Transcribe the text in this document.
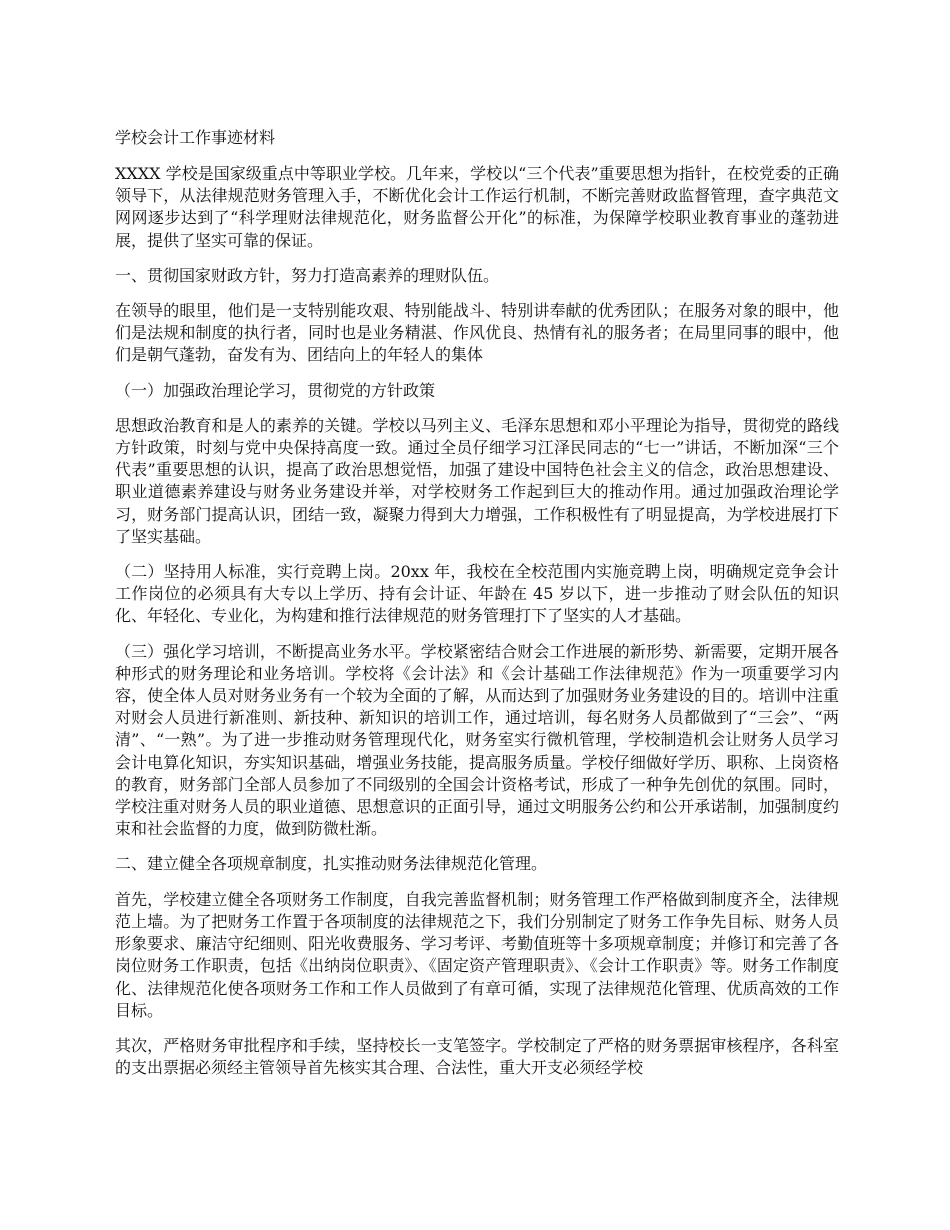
学校会计工作事迹材料

XXXX 学校是国家级重点中等职业学校。几年来，学校以“三个代表”重要思想为指针，在校党委的正确领导下，从法律规范财务管理入手，不断优化会计工作运行机制，不断完善财政监督管理，查字典范文网网逐步达到了“科学理财法律规范化，财务监督公开化”的标准，为保障学校职业教育事业的蓬勃进展，提供了坚实可靠的保证。

一、贯彻国家财政方针，努力打造高素养的理财队伍。

在领导的眼里，他们是一支特别能攻艰、特别能战斗、特别讲奉献的优秀团队；在服务对象的眼中，他们是法规和制度的执行者，同时也是业务精湛、作风优良、热情有礼的服务者；在局里同事的眼中，他们是朝气蓬勃，奋发有为、团结向上的年轻人的集体

（一）加强政治理论学习，贯彻党的方针政策

思想政治教育和是人的素养的关键。学校以马列主义、毛泽东思想和邓小平理论为指导，贯彻党的路线方针政策，时刻与党中央保持高度一致。通过全员仔细学习江泽民同志的“七一”讲话，不断加深“三个代表”重要思想的认识，提高了政治思想觉悟，加强了建设中国特色社会主义的信念，政治思想建设、职业道德素养建设与财务业务建设并举，对学校财务工作起到巨大的推动作用。通过加强政治理论学习，财务部门提高认识，团结一致，凝聚力得到大力增强，工作积极性有了明显提高，为学校进展打下了坚实基础。

（二）坚持用人标准，实行竞聘上岗。20xx 年，我校在全校范围内实施竞聘上岗，明确规定竞争会计工作岗位的必须具有大专以上学历、持有会计证、年龄在 45 岁以下，进一步推动了财会队伍的知识化、年轻化、专业化，为构建和推行法律规范的财务管理打下了坚实的人才基础。

（三）强化学习培训，不断提高业务水平。学校紧密结合财会工作进展的新形势、新需要，定期开展各种形式的财务理论和业务培训。学校将《会计法》和《会计基础工作法律规范》作为一项重要学习内容，使全体人员对财务业务有一个较为全面的了解，从而达到了加强财务业务建设的目的。培训中注重对财会人员进行新准则、新技种、新知识的培训工作，通过培训，每名财务人员都做到了“三会”、“两清”、“一熟”。为了进一步推动财务管理现代化，财务室实行微机管理，学校制造机会让财务人员学习会计电算化知识，夯实知识基础，增强业务技能，提高服务质量。学校仔细做好学历、职称、上岗资格的教育，财务部门全部人员参加了不同级别的全国会计资格考试，形成了一种争先创优的氛围。同时，学校注重对财务人员的职业道德、思想意识的正面引导，通过文明服务公约和公开承诺制，加强制度约束和社会监督的力度，做到防微杜渐。

二、建立健全各项规章制度，扎实推动财务法律规范化管理。

首先，学校建立健全各项财务工作制度，自我完善监督机制；财务管理工作严格做到制度齐全，法律规范上墙。为了把财务工作置于各项制度的法律规范之下，我们分别制定了财务工作争先目标、财务人员形象要求、廉洁守纪细则、阳光收费服务、学习考评、考勤值班等十多项规章制度；并修订和完善了各岗位财务工作职责，包括《出纳岗位职责》、《固定资产管理职责》、《会计工作职责》等。财务工作制度化、法律规范化使各项财务工作和工作人员做到了有章可循，实现了法律规范化管理、优质高效的工作目标。

其次，严格财务审批程序和手续，坚持校长一支笔签字。学校制定了严格的财务票据审核程序，各科室的支出票据必须经主管领导首先核实其合理、合法性，重大开支必须经学校
